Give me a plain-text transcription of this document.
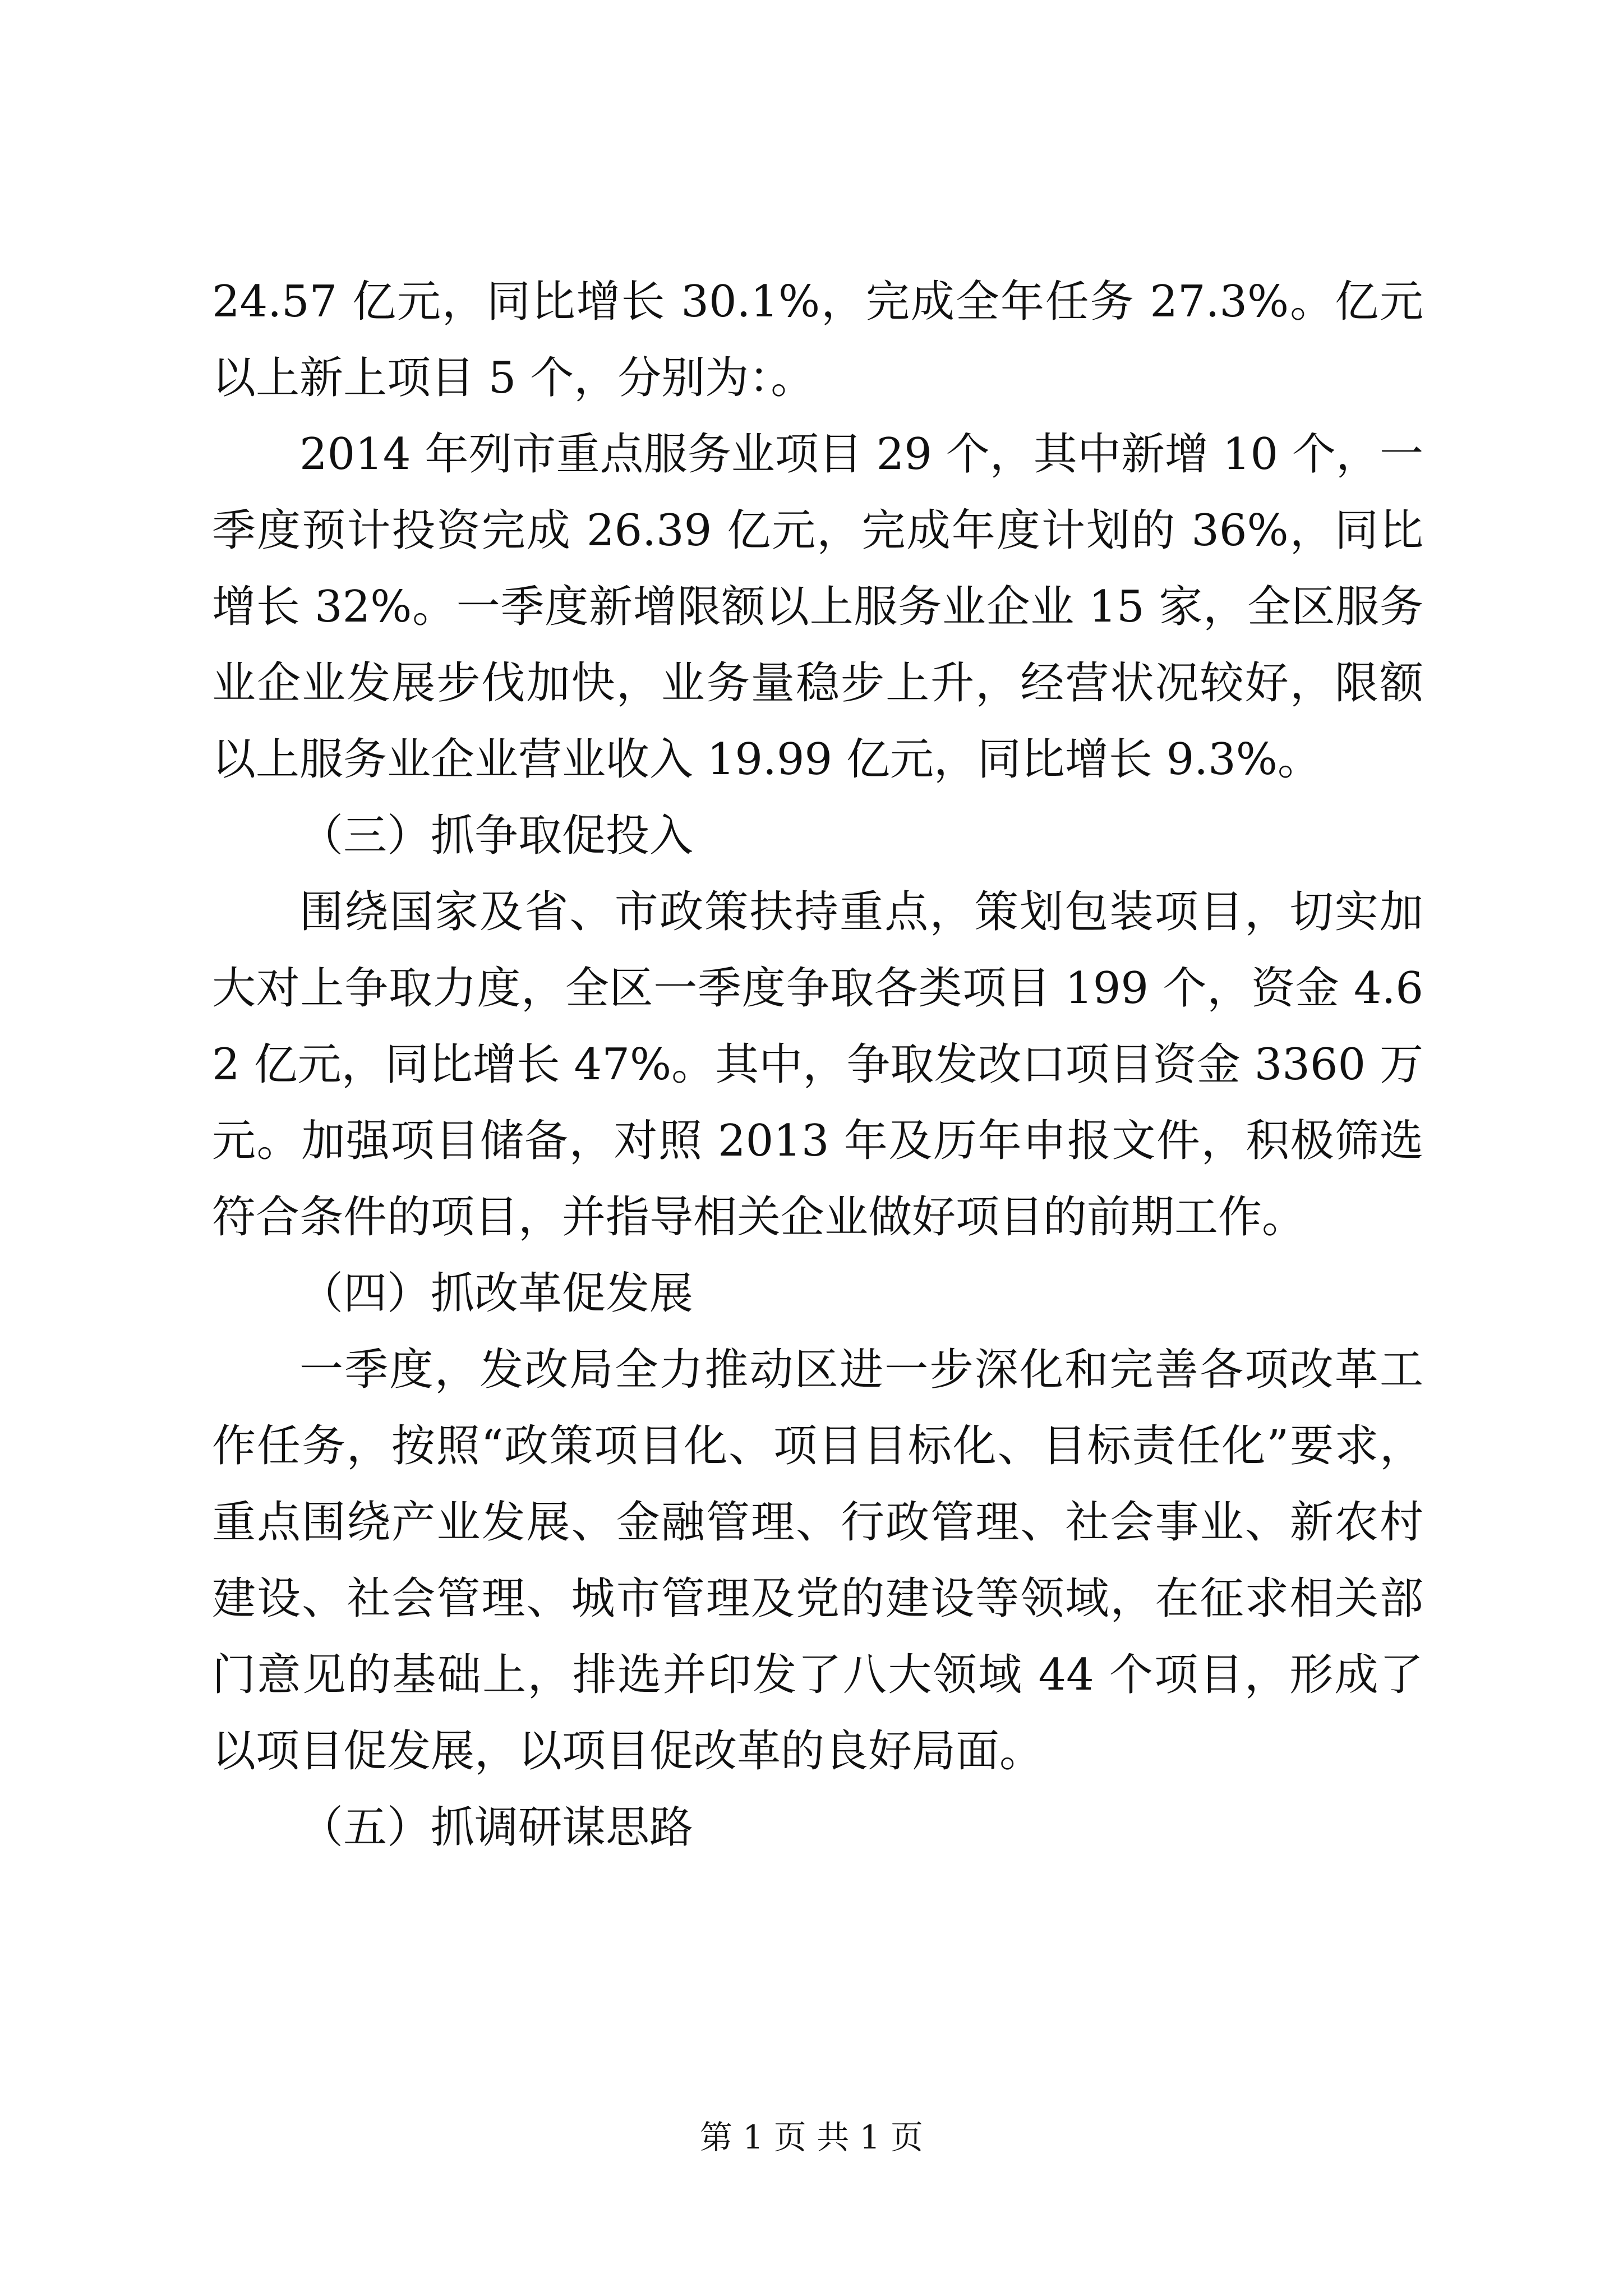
24.57 亿元，同比增长 30.1%，完成全年任务 27.3%。亿元以上新上项目 5 个，分别为：。

2014 年列市重点服务业项目 29 个，其中新增 10 个，一季度预计投资完成 26.39 亿元，完成年度计划的 36%，同比增长 32%。一季度新增限额以上服务业企业 15 家，全区服务业企业发展步伐加快，业务量稳步上升，经营状况较好，限额以上服务业企业营业收入 19.99 亿元，同比增长 9.3%。

（三）抓争取促投入

围绕国家及省、市政策扶持重点，策划包装项目，切实加大对上争取力度，全区一季度争取各类项目 199 个，资金 4.62 亿元，同比增长 47%。其中，争取发改口项目资金 3360 万元。加强项目储备，对照 2013 年及历年申报文件，积极筛选符合条件的项目，并指导相关企业做好项目的前期工作。

（四）抓改革促发展

一季度，发改局全力推动区进一步深化和完善各项改革工作任务，按照“政策项目化、项目目标化、目标责任化”要求，重点围绕产业发展、金融管理、行政管理、社会事业、新农村建设、社会管理、城市管理及党的建设等领域，在征求相关部门意见的基础上，排选并印发了八大领域 44 个项目，形成了以项目促发展，以项目促改革的良好局面。

（五）抓调研谋思路

第 1 页 共 1 页
